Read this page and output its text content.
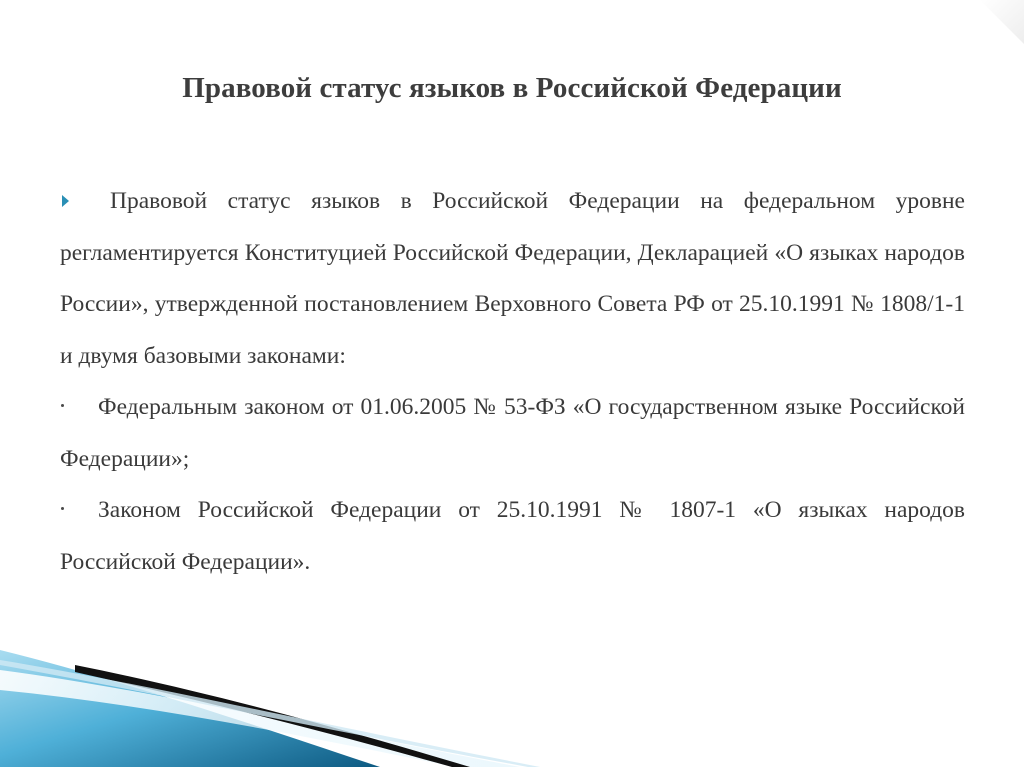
Правовой статус языков в Российской Федерации

Правовой статус языков в Российской Федерации на федеральном уровне регламентируется Конституцией Российской Федерации, Декларацией «О языках народов России», утвержденной постановлением Верховного Совета РФ от 25.10.1991 № 1808/1-1 и двумя базовыми законами:

Федеральным законом от 01.06.2005 № 53-ФЗ «О государственном языке Российской Федерации»;

Законом Российской Федерации от 25.10.1991 № 1807-1 «О языках народов Российской Федерации».
